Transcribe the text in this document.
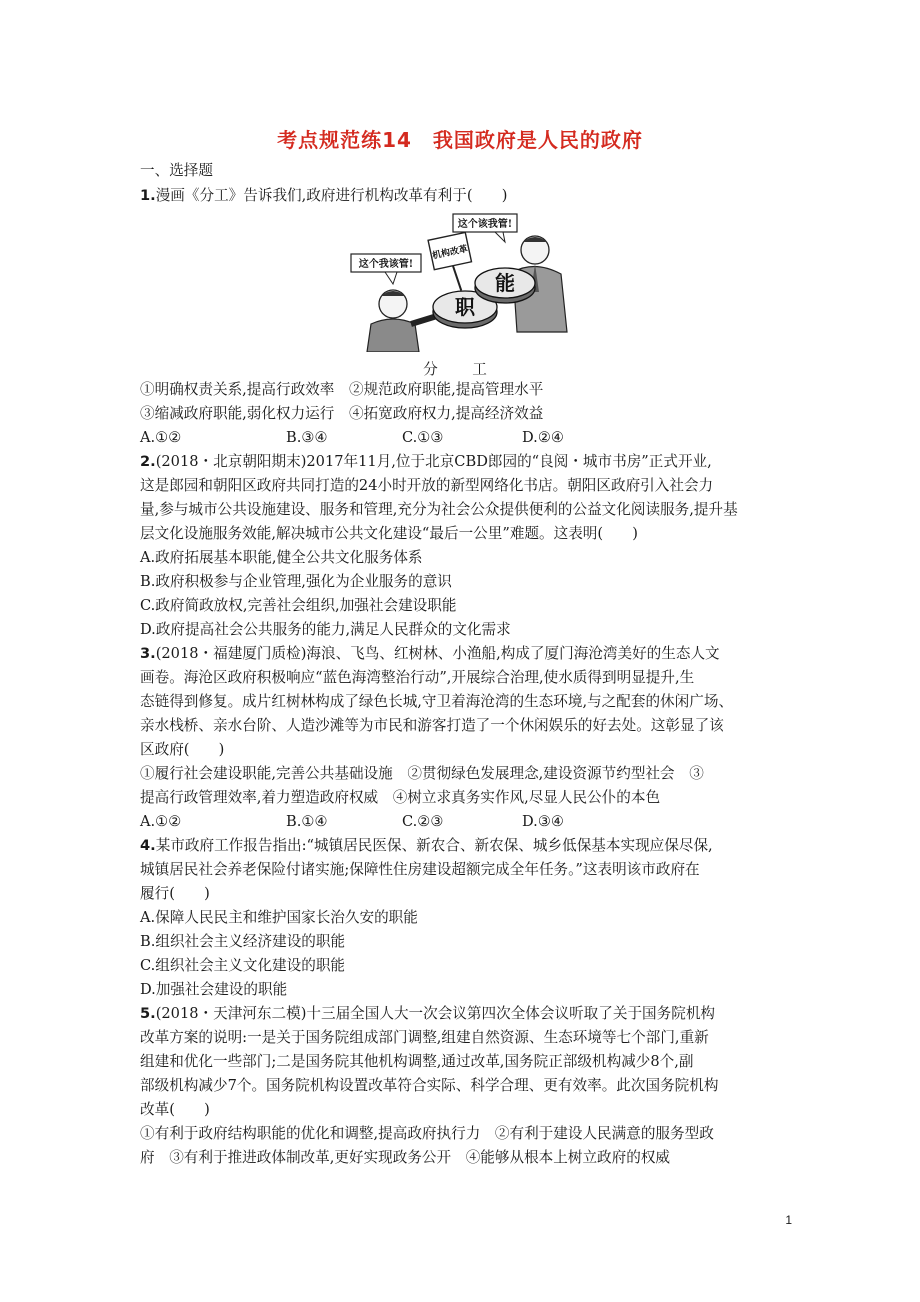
考点规范练14　我国政府是人民的政府
一、选择题
1.漫画《分工》告诉我们,政府进行机构改革有利于(　　)
这个该我管!
这个我该管!
机构改革
职
能
分　工
①明确权责关系,提高行政效率　②规范政府职能,提高管理水平
③缩减政府职能,弱化权力运行　④拓宽政府权力,提高经济效益
A.①②	B.③④	C.①③	D.②④
2.(2018・北京朝阳期末)2017年11月,位于北京CBD郎园的“良阅・城市书房”正式开业,
这是郎园和朝阳区政府共同打造的24小时开放的新型网络化书店。朝阳区政府引入社会力
量,参与城市公共设施建设、服务和管理,充分为社会公众提供便利的公益文化阅读服务,提升基
层文化设施服务效能,解决城市公共文化建设“最后一公里”难题。这表明(　　)
A.政府拓展基本职能,健全公共文化服务体系
B.政府积极参与企业管理,强化为企业服务的意识
C.政府简政放权,完善社会组织,加强社会建设职能
D.政府提高社会公共服务的能力,满足人民群众的文化需求
3.(2018・福建厦门质检)海浪、飞鸟、红树林、小渔船,构成了厦门海沧湾美好的生态人文
画卷。海沧区政府积极响应“蓝色海湾整治行动”,开展综合治理,使水质得到明显提升,生
态链得到修复。成片红树林构成了绿色长城,守卫着海沧湾的生态环境,与之配套的休闲广场、
亲水栈桥、亲水台阶、人造沙滩等为市民和游客打造了一个休闲娱乐的好去处。这彰显了该
区政府(　　)
①履行社会建设职能,完善公共基础设施　②贯彻绿色发展理念,建设资源节约型社会　③
提高行政管理效率,着力塑造政府权威　④树立求真务实作风,尽显人民公仆的本色
A.①②	B.①④	C.②③	D.③④
4.某市政府工作报告指出:“城镇居民医保、新农合、新农保、城乡低保基本实现应保尽保,
城镇居民社会养老保险付诸实施;保障性住房建设超额完成全年任务。”这表明该市政府在
履行(　　)
A.保障人民民主和维护国家长治久安的职能
B.组织社会主义经济建设的职能
C.组织社会主义文化建设的职能
D.加强社会建设的职能
5.(2018・天津河东二模)十三届全国人大一次会议第四次全体会议听取了关于国务院机构
改革方案的说明:一是关于国务院组成部门调整,组建自然资源、生态环境等七个部门,重新
组建和优化一些部门;二是国务院其他机构调整,通过改革,国务院正部级机构减少8个,副
部级机构减少7个。国务院机构设置改革符合实际、科学合理、更有效率。此次国务院机构
改革(　　)
①有利于政府结构职能的优化和调整,提高政府执行力　②有利于建设人民满意的服务型政
府　③有利于推进政体制改革,更好实现政务公开　④能够从根本上树立政府的权威
1
